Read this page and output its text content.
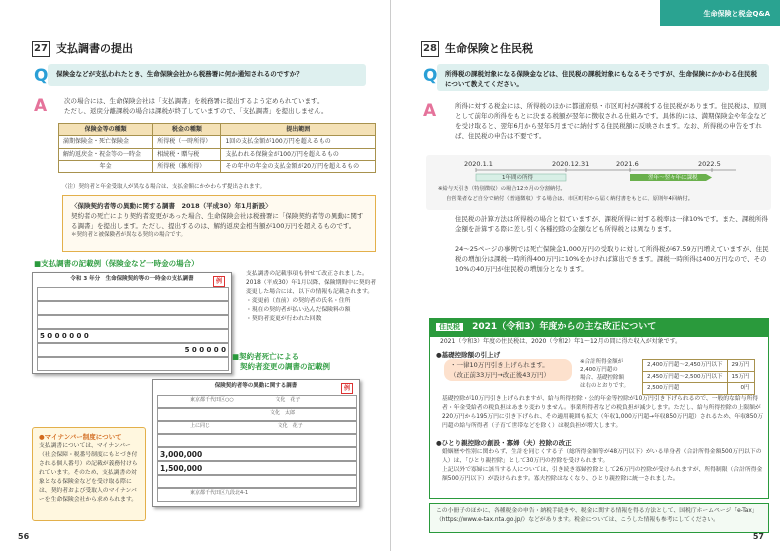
27 支払調書の提出
Q	保険金などが支払われたとき、生命保険会社から税務署に何か通知されるのですか？
A	次の場合には、生命保険会社は「支払調書」を税務署に提出するよう定められています。
ただし、返戻分離課税の場合は課税が終了していますので、「支払調書」を提出しません。
保険金等の種類	税金の種類	提出範囲
満期保険金・死亡保険金	所得税（一時所得）	1回の支払金額が100万円を超えるもの
解約返戻金・祝金等の一時金	相続税・贈与税	支払われる保険金が100万円を超えるもの
年金	所得税（雑所得）	その年中の年金の支払金額が20万円を超えるもの
（注）契約者と年金受取人が異なる場合は、支払金額にかかわらず提出されます。
〈保険契約者等の異動に関する調書　2018（平成30）年1月新設〉
契約者の死亡により契約者変更があった場合、生命保険会社は税務署に「保険契約者等の異動に関する調書」を提出します。ただし、提出するのは、解約返戻金相当額が100万円を超えるものです。
＊契約者と被保険者が異なる契約の場合です。
■支払調書の記載例（保険金など一時金の場合）
令和 3 年分　生命保険契約等の一時金の支払調書	例
5 0 0 0 0 0 0
5 0 0 0 0 0
支払調書の記載事項も併せて改正されました。2018（平成30）年1月以降、保険期間中に契約者変更した場合には、以下の情報も記載されます。
・変更前（直前）の契約者の氏名・住所
・現在の契約者が払い込んだ保険料の額
・契約者変更が行われた回数
■契約者死亡による
契約者変更の調書の記載例
保険契約者等の異動に関する調書	例
東京都千代田区○○	文化　花子
文化　太郎
上に同じ	文化　花子
3,000,000
1,500,000
東京都千代田区九段北4-1
●マイナンバー制度について
支払調書については、マイナンバー（社会保障・税番号制度にもとづき付される個人番号）の記載が義務付けられています。そのため、支払調書の対象となる保険金などを受け取る際には、契約者および受取人のマイナンバーを生命保険会社から求められます。
56
生命保険と税金Q&A
28 生命保険と住民税
Q	所得税の課税対象になる保険金などは、住民税の課税対象にもなるそうですが、生命保険にかかわる住民税について教えてください。
A	所得に対する税金には、所得税のほかに都道府県・市区町村が課税する住民税があります。住民税は、原則として前年の所得をもとに決まる税額が翌年に徴収される仕組みです。具体的には、満期保険金や年金などを受け取ると、翌年6月から翌年5月までに納付する住民税額に反映されます。なお、所得税の申告をすれば、住民税の申告は不要です。
2020.1.1	2020.12.31	2021.6	2022.5
1年間の所得	翌年〜翌々年に課税
※給与天引き（特別徴収）の場合12カ月の分割納付。
自営業者など自分で納付（普通徴収）する場合は、市区町村から届く納付書をもとに、原則年4回納付。
住民税の計算方法は所得税の場合と似ていますが、課税所得に対する税率は一律10%です。また、課税所得金額を計算する際に差し引く各種控除の金額なども所得税とは異なります。
24〜25ページの事例では死亡保険金1,000万円の受取りに対して所得税が67.59万円増えていますが、住民税の増加分は課税一時所得400万円に10%をかければ算出できます。課税一時所得は400万円なので、その10%の40万円が住民税の増加分となります。
住民税 2021（令和3）年度からの主な改正について
2021（令和3）年度の住民税は、2020（令和2）年1〜12月の間に得た収入が対象です。
●基礎控除額の引上げ
・一律10万円引き上げられます。
（改正前33万円→改正後43万円）
※合計所得金額が
2,400万円超の
場合、基礎控除額
は右のとおりです。
2,400万円超〜2,450万円以下	29万円
2,450万円超〜2,500万円以下	15万円
2,500万円超	0円
基礎控除が10万円引き上げられますが、給与所得控除・公的年金等控除が10万円引き下げられるので、一般的な給与所得者・年金受給者の税負担はあまり変わりません。事業所得者などの税負担が減少します。ただし、給与所得控除の上限額が220万円から195万円に引き下げられ、その適用範囲も拡大（年収1,000万円超→年収850万円超）されるため、年収850万円超の給与所得者（子育て世帯などを除く）は税負担が増大します。
●ひとり親控除の創設・寡婦（夫）控除の改正
婚姻歴や性別に関わらず、生計を同じくする子（総所得金額等が48万円以下）がいる単身者（合計所得金額500万円以下の人）は、「ひとり親控除」として30万円の控除を受けられます。
上記以外で寡婦に該当する人については、引き続き寡婦控除として26万円の控除が受けられますが、所得制限（合計所得金額500万円以下）が設けられます。寡夫控除はなくなり、ひとり親控除に統一されました。
この小冊子のほかに、各種税金の申告・納税手続きや、税金に関する情報を得る方法として、国税庁ホームページ「e-Tax」（https://www.e-tax.nta.go.jp/）などがあります。税金については、こうした情報も参考にしてください。
57
